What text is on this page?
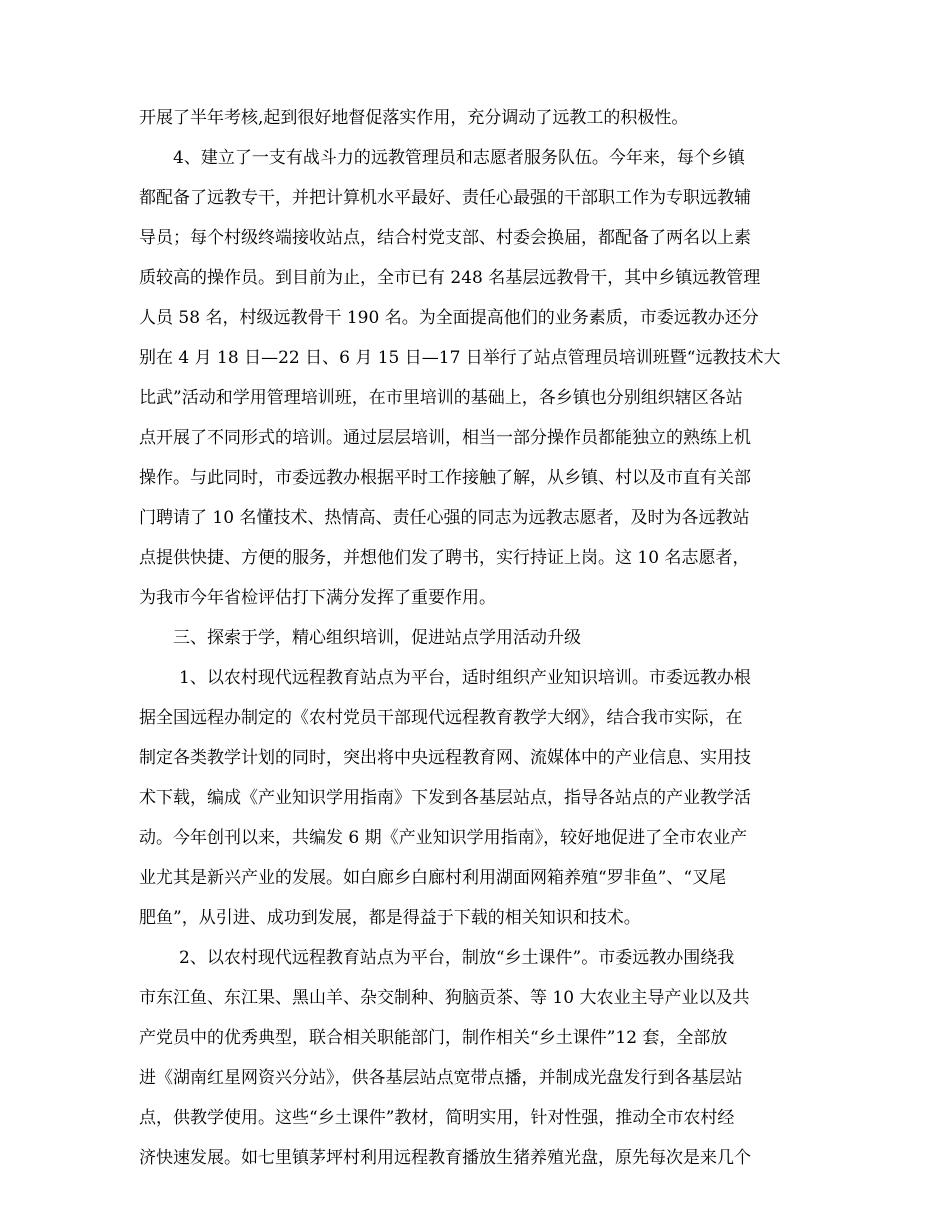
开展了半年考核,起到很好地督促落实作用，充分调动了远教工的积极性。
4、建立了一支有战斗力的远教管理员和志愿者服务队伍。今年来，每个乡镇
都配备了远教专干，并把计算机水平最好、责任心最强的干部职工作为专职远教辅
导员；每个村级终端接收站点，结合村党支部、村委会换届，都配备了两名以上素
质较高的操作员。到目前为止，全市已有 248 名基层远教骨干，其中乡镇远教管理
人员 58 名，村级远教骨干 190 名。为全面提高他们的业务素质，市委远教办还分
别在 4 月 18 日—22 日、6 月 15 日—17 日举行了站点管理员培训班暨“远教技术大
比武”活动和学用管理培训班，在市里培训的基础上，各乡镇也分别组织辖区各站
点开展了不同形式的培训。通过层层培训，相当一部分操作员都能独立的熟练上机
操作。与此同时，市委远教办根据平时工作接触了解，从乡镇、村以及市直有关部
门聘请了 10 名懂技术、热情高、责任心强的同志为远教志愿者，及时为各远教站
点提供快捷、方便的服务，并想他们发了聘书，实行持证上岗。这 10 名志愿者，
为我市今年省检评估打下满分发挥了重要作用。
三、探索于学，精心组织培训，促进站点学用活动升级
1、以农村现代远程教育站点为平台，适时组织产业知识培训。市委远教办根
据全国远程办制定的《农村党员干部现代远程教育教学大纲》，结合我市实际，在
制定各类教学计划的同时，突出将中央远程教育网、流媒体中的产业信息、实用技
术下载，编成《产业知识学用指南》下发到各基层站点，指导各站点的产业教学活
动。今年创刊以来，共编发 6 期《产业知识学用指南》，较好地促进了全市农业产
业尤其是新兴产业的发展。如白廊乡白廊村利用湖面网箱养殖“罗非鱼”、“叉尾
肥鱼”，从引进、成功到发展，都是得益于下载的相关知识和技术。
2、以农村现代远程教育站点为平台，制放“乡土课件”。市委远教办围绕我
市东江鱼、东江果、黑山羊、杂交制种、狗脑贡茶、等 10 大农业主导产业以及共
产党员中的优秀典型，联合相关职能部门，制作相关“乡土课件”12 套，全部放
进《湖南红星网资兴分站》，供各基层站点宽带点播，并制成光盘发行到各基层站
点，供教学使用。这些“乡土课件”教材，简明实用，针对性强，推动全市农村经
济快速发展。如七里镇茅坪村利用远程教育播放生猪养殖光盘，原先每次是来几个
